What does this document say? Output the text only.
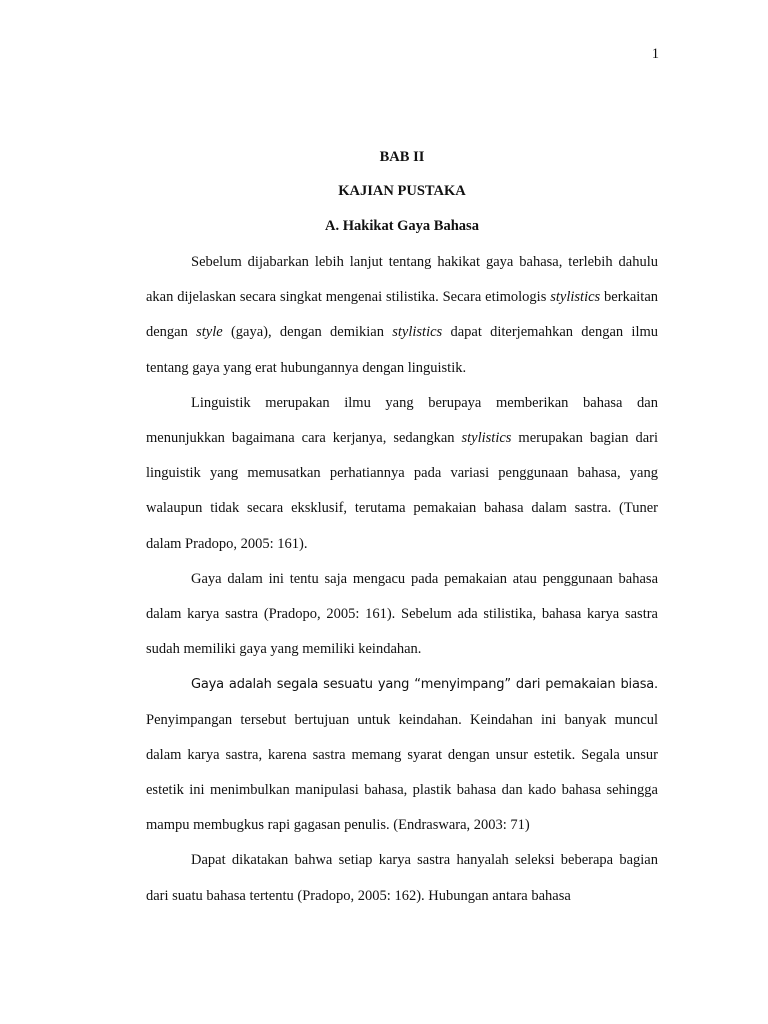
1
BAB II
KAJIAN PUSTAKA
A. Hakikat Gaya Bahasa

Sebelum dijabarkan lebih lanjut tentang hakikat gaya bahasa, terlebih dahulu akan dijelaskan secara singkat mengenai stilistika. Secara etimologis stylistics berkaitan dengan style (gaya), dengan demikian stylistics dapat diterjemahkan dengan ilmu tentang gaya yang erat hubungannya dengan linguistik.

Linguistik merupakan ilmu yang berupaya memberikan bahasa dan menunjukkan bagaimana cara kerjanya, sedangkan stylistics merupakan bagian dari linguistik yang memusatkan perhatiannya pada variasi penggunaan bahasa, yang walaupun tidak secara eksklusif, terutama pemakaian bahasa dalam sastra. (Tuner dalam Pradopo, 2005: 161).

Gaya dalam ini tentu saja mengacu pada pemakaian atau penggunaan bahasa dalam karya sastra (Pradopo, 2005: 161). Sebelum ada stilistika, bahasa karya sastra sudah memiliki gaya yang memiliki keindahan.

Gaya adalah segala sesuatu yang “menyimpang” dari pemakaian biasa. Penyimpangan tersebut bertujuan untuk keindahan. Keindahan ini banyak muncul dalam karya sastra, karena sastra memang syarat dengan unsur estetik. Segala unsur estetik ini menimbulkan manipulasi bahasa, plastik bahasa dan kado bahasa sehingga mampu membugkus rapi gagasan penulis. (Endraswara, 2003: 71)

Dapat dikatakan bahwa setiap karya sastra hanyalah seleksi beberapa bagian dari suatu bahasa tertentu (Pradopo, 2005: 162). Hubungan antara bahasa
